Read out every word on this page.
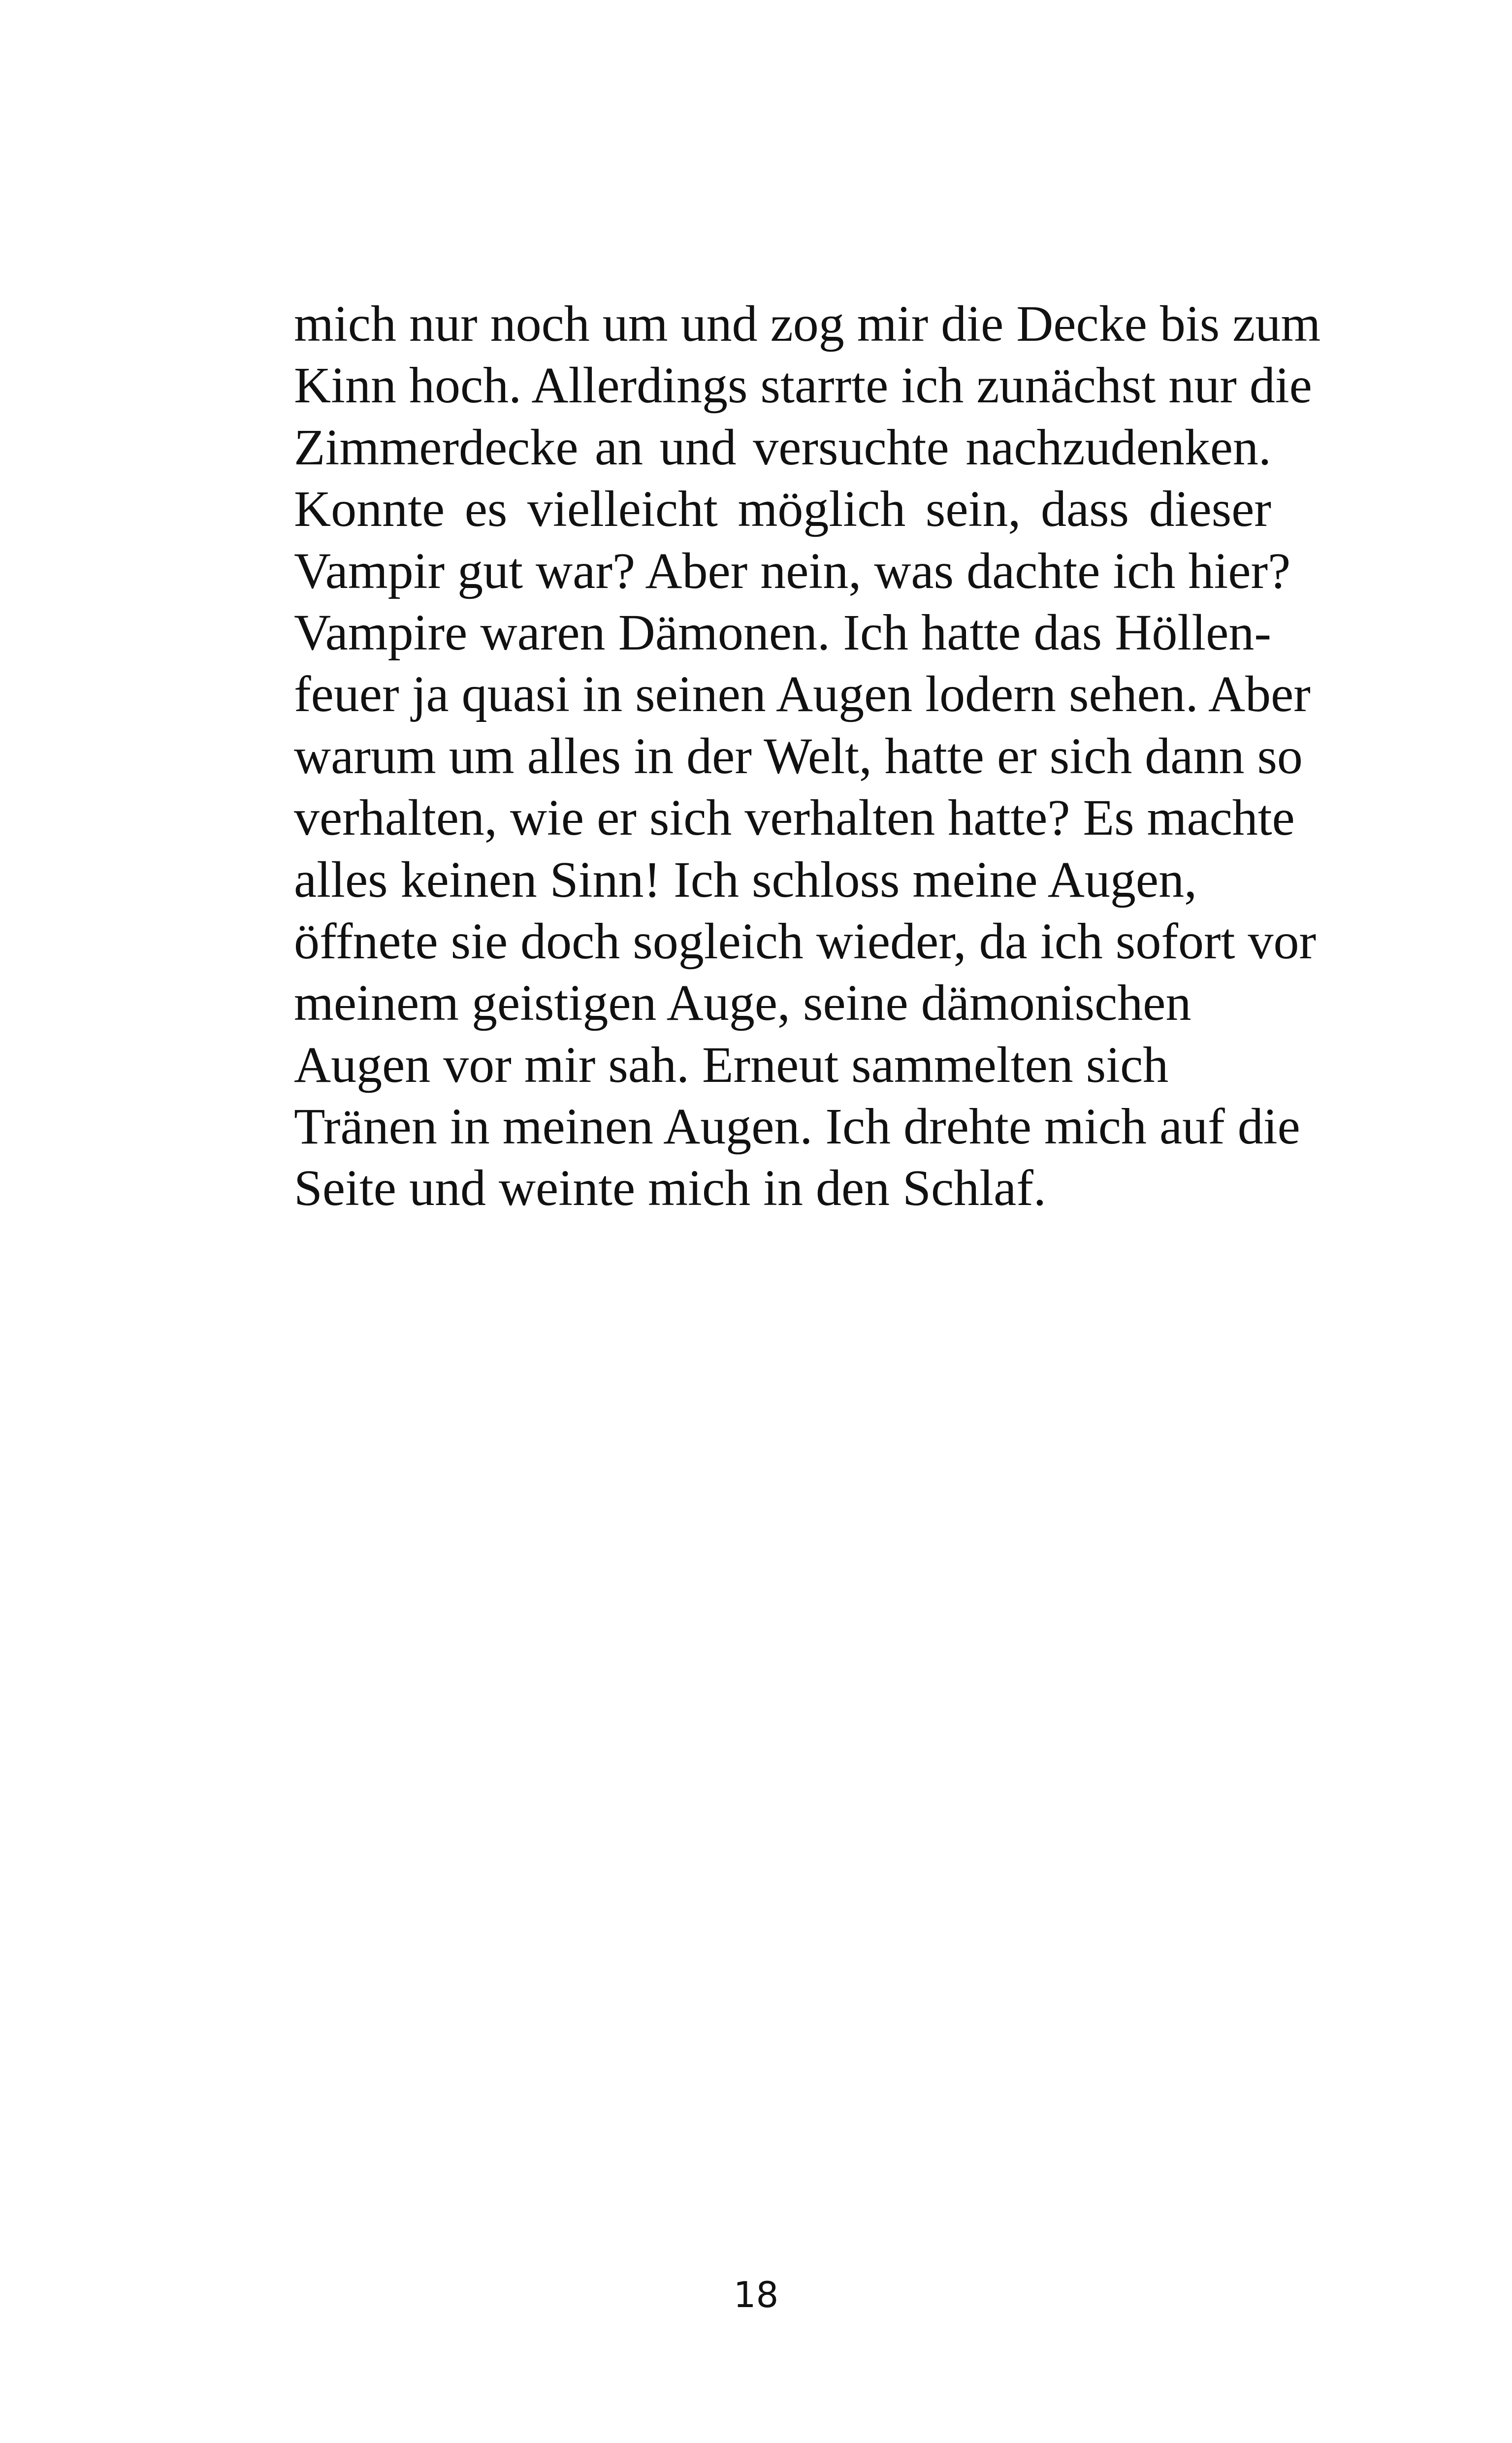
mich nur noch um und zog mir die Decke bis zum
Kinn hoch. Allerdings starrte ich zunächst nur die
Zimmerdecke an und versuchte nachzudenken.
Konnte es vielleicht möglich sein, dass dieser
Vampir gut war? Aber nein, was dachte ich hier?
Vampire waren Dämonen. Ich hatte das Höllen-
feuer ja quasi in seinen Augen lodern sehen. Aber
warum um alles in der Welt, hatte er sich dann so
verhalten, wie er sich verhalten hatte? Es machte
alles keinen Sinn! Ich schloss meine Augen,
öffnete sie doch sogleich wieder, da ich sofort vor
meinem geistigen Auge, seine dämonischen
Augen vor mir sah. Erneut sammelten sich
Tränen in meinen Augen. Ich drehte mich auf die
Seite und weinte mich in den Schlaf.
18
